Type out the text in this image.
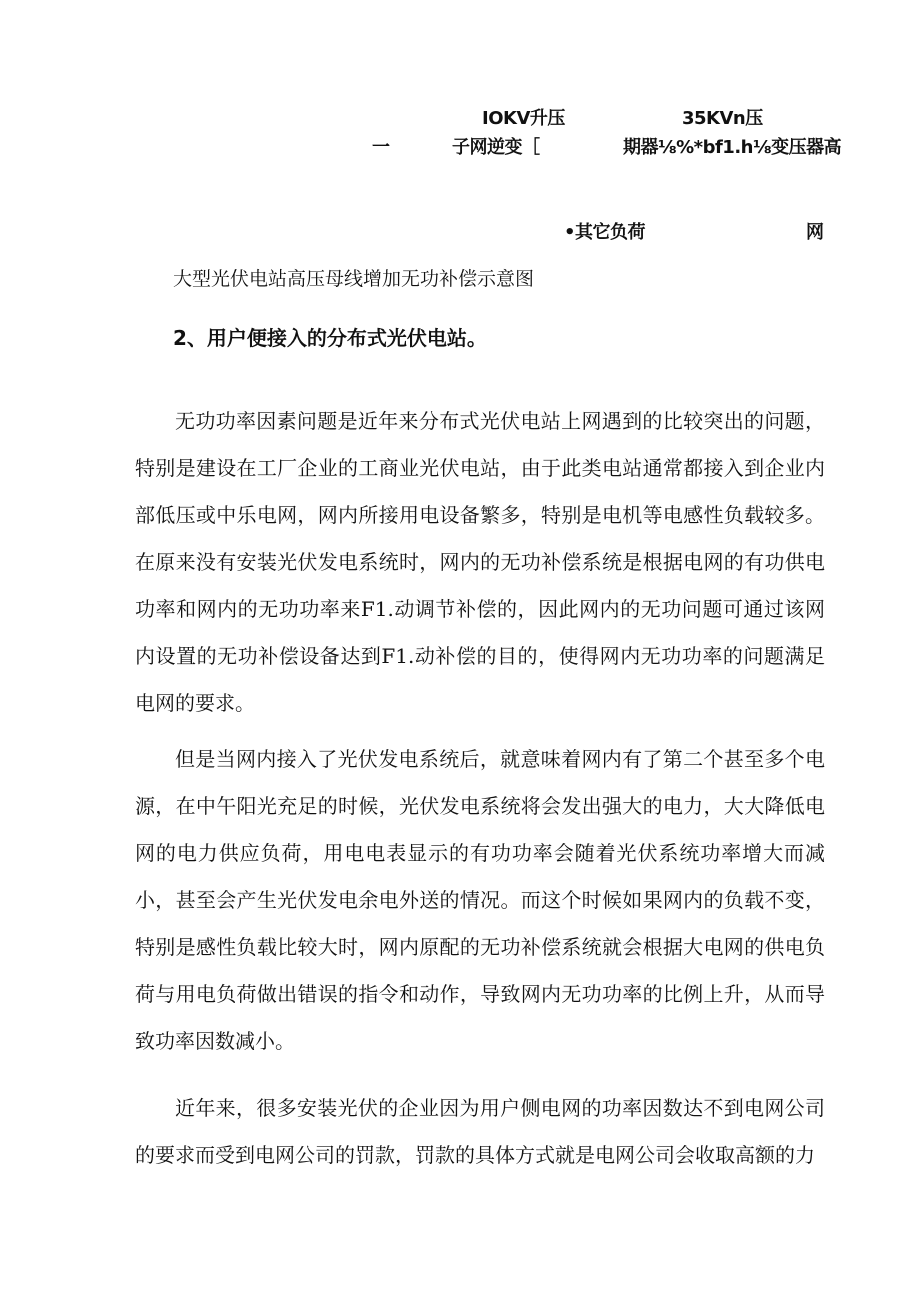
IOKV升压	35KVn压
一	子网逆变［	期器⅛%*bf1.h⅛变压器高
•其它负荷	网
大型光伏电站高压母线增加无功补偿示意图
2、用户便接入的分布式光伏电站。

无功功率因素问题是近年来分布式光伏电站上网遇到的比较突出的问题，特别是建设在工厂企业的工商业光伏电站，由于此类电站通常都接入到企业内部低压或中乐电网，网内所接用电设备繁多，特别是电机等电感性负载较多。在原来没有安装光伏发电系统时，网内的无功补偿系统是根据电网的有功供电功率和网内的无功功率来F1.动调节补偿的，因此网内的无功问题可通过该网内设置的无功补偿设备达到F1.动补偿的目的，使得网内无功功率的问题满足电网的要求。

但是当网内接入了光伏发电系统后，就意味着网内有了第二个甚至多个电源，在中午阳光充足的时候，光伏发电系统将会发出强大的电力，大大降低电网的电力供应负荷，用电电表显示的有功功率会随着光伏系统功率增大而减小，甚至会产生光伏发电余电外送的情况。而这个时候如果网内的负载不变，特别是感性负载比较大时，网内原配的无功补偿系统就会根据大电网的供电负荷与用电负荷做出错误的指令和动作，导致网内无功功率的比例上升，从而导致功率因数减小。

近年来，很多安装光伏的企业因为用户侧电网的功率因数达不到电网公司的要求而受到电网公司的罚款，罚款的具体方式就是电网公司会收取高额的力
